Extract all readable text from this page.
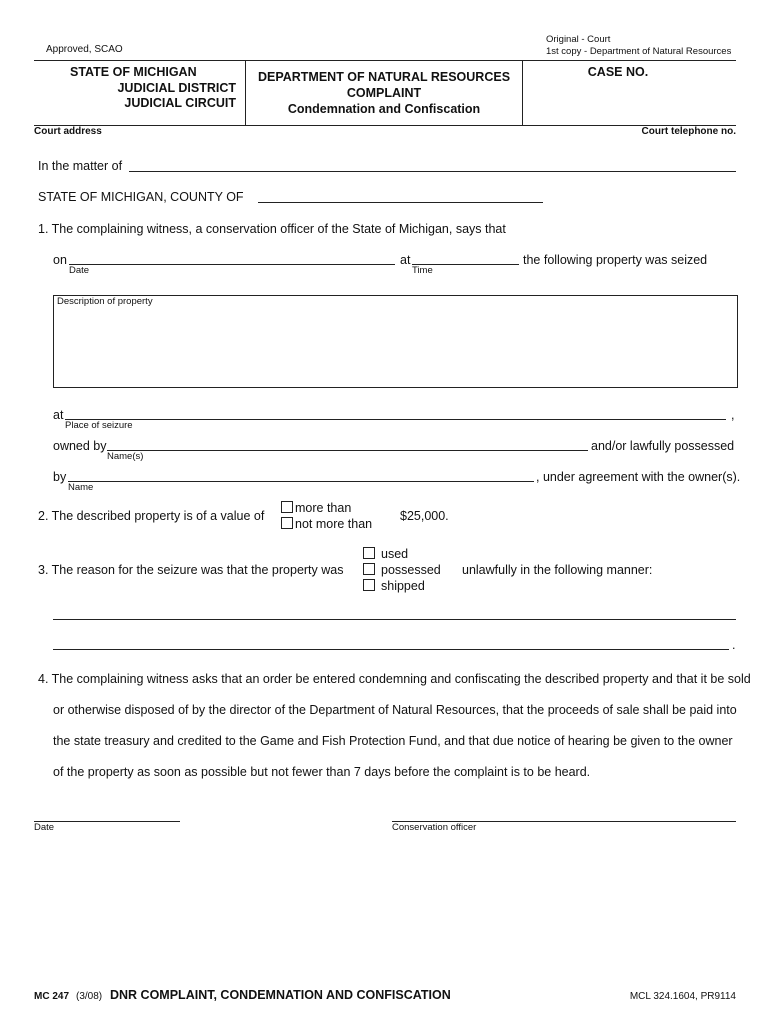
Approved, SCAO
Original - Court
1st copy - Department of Natural Resources
STATE OF MICHIGAN
JUDICIAL DISTRICT
JUDICIAL CIRCUIT
DEPARTMENT OF NATURAL RESOURCES
COMPLAINT
Condemnation and Confiscation
CASE NO.
Court address	Court telephone no.
In the matter of
STATE OF MICHIGAN, COUNTY OF
1. The complaining witness, a conservation officer of the State of Michigan, says that
on
Date
at
Time
the following property was seized
Description of property
at	,
Place of seizure
owned by
Name(s)
and/or lawfully possessed
by
Name
, under agreement with the owner(s).
2. The described property is of a value of
more than
not more than
$25,000.
used
possessed
shipped
3. The reason for the seizure was that the property was	unlawfully in the following manner:
.
4. The complaining witness asks that an order be entered condemning and confiscating the described property and that it be sold
or otherwise disposed of by the director of the Department of Natural Resources, that the proceeds of sale shall be paid into
the state treasury and credited to the Game and Fish Protection Fund, and that due notice of hearing be given to the owner
of the property as soon as possible but not fewer than 7 days before the complaint is to be heard.
Date	Conservation officer
MC 247 (3/08) DNR COMPLAINT, CONDEMNATION AND CONFISCATION	MCL 324.1604, PR9114
